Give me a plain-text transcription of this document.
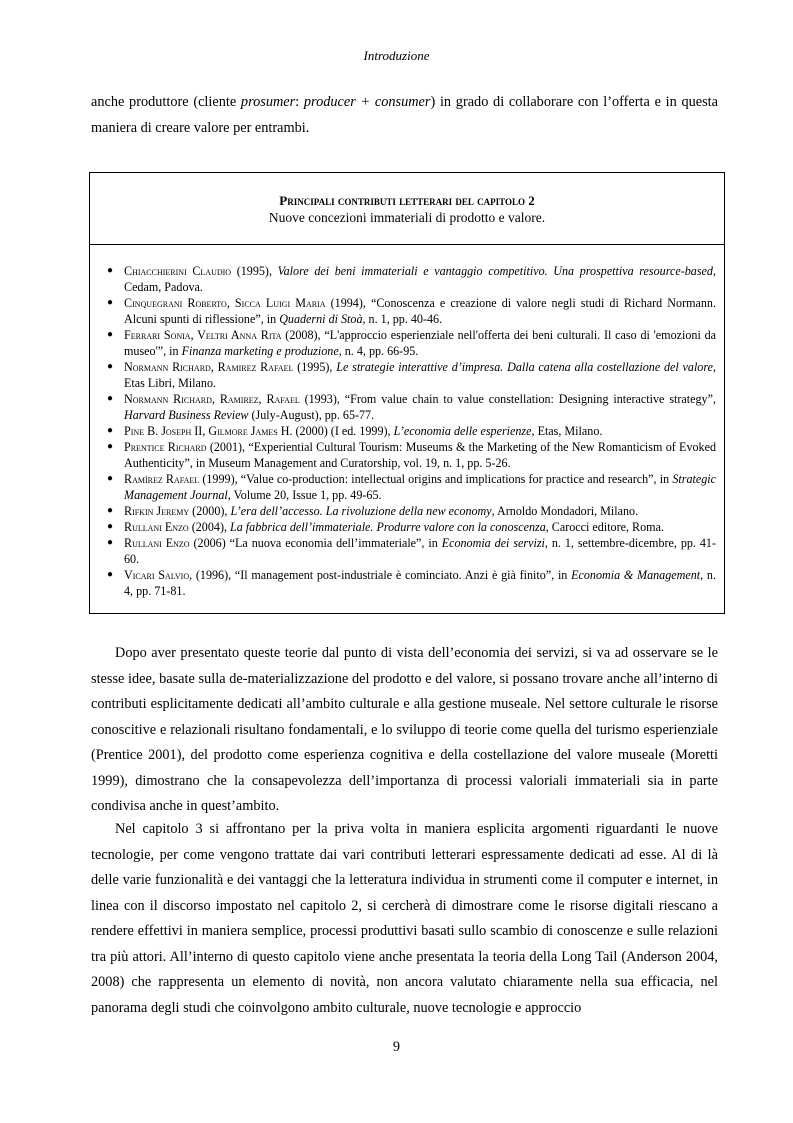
Introduzione

anche produttore (cliente prosumer: producer + consumer) in grado di collaborare con l’offerta e in questa maniera di creare valore per entrambi.

Principali contributi letterari del capitolo 2
Nuove concezioni immateriali di prodotto e valore.
● Chiacchierini Claudio (1995), Valore dei beni immateriali e vantaggio competitivo. Una prospettiva resource-based, Cedam, Padova.
● Cinquegrani Roberto, Sicca Luigi Maria (1994), “Conoscenza e creazione di valore negli studi di Richard Normann. Alcuni spunti di riflessione”, in Quaderni di Stoà, n. 1, pp. 40-46.
● Ferrari Sonia, Veltri Anna Rita (2008), “L'approccio esperienziale nell'offerta dei beni culturali. Il caso di 'emozioni da museo'”, in Finanza marketing e produzione, n. 4, pp. 66-95.
● Normann Richard, Ramirez Rafael (1995), Le strategie interattive d’impresa. Dalla catena alla costellazione del valore, Etas Libri, Milano.
● Normann Richard, Ramirez, Rafael (1993), “From value chain to value constellation: Designing interactive strategy”, Harvard Business Review (July-August), pp. 65-77.
● Pine B. Joseph II, Gilmore James H. (2000) (I ed. 1999), L’economia delle esperienze, Etas, Milano.
● Prentice Richard (2001), “Experiential Cultural Tourism: Museums & the Marketing of the New Romanticism of Evoked Authenticity”, in Museum Management and Curatorship, vol. 19, n. 1, pp. 5-26.
● Ramírez Rafael (1999), “Value co-production: intellectual origins and implications for practice and research”, in Strategic Management Journal, Volume 20, Issue 1, pp. 49-65.
● Rifkin Jeremy (2000), L’era dell’accesso. La rivoluzione della new economy, Arnoldo Mondadori, Milano.
● Rullani Enzo (2004), La fabbrica dell’immateriale. Produrre valore con la conoscenza, Carocci editore, Roma.
● Rullani Enzo (2006) “La nuova economia dell’immateriale”, in Economia dei servizi, n. 1, settembre-dicembre, pp. 41-60.
● Vicari Salvio, (1996), “Il management post-industriale è cominciato. Anzi è già finito”, in Economia & Management, n. 4, pp. 71-81.

Dopo aver presentato queste teorie dal punto di vista dell’economia dei servizi, si va ad osservare se le stesse idee, basate sulla de-materializzazione del prodotto e del valore, si possano trovare anche all’interno di contributi esplicitamente dedicati all’ambito culturale e alla gestione museale. Nel settore culturale le risorse conoscitive e relazionali risultano fondamentali, e lo sviluppo di teorie come quella del turismo esperienziale (Prentice 2001), del prodotto come esperienza cognitiva e della costellazione del valore museale (Moretti 1999), dimostrano che la consapevolezza dell’importanza di processi valoriali immateriali sia in parte condivisa anche in quest’ambito.

Nel capitolo 3 si affrontano per la priva volta in maniera esplicita argomenti riguardanti le nuove tecnologie, per come vengono trattate dai vari contributi letterari espressamente dedicati ad esse. Al di là delle varie funzionalità e dei vantaggi che la letteratura individua in strumenti come il computer e internet, in linea con il discorso impostato nel capitolo 2, si cercherà di dimostrare come le risorse digitali riescano a rendere effettivi in maniera semplice, processi produttivi basati sullo scambio di conoscenze e sulle relazioni tra più attori. All’interno di questo capitolo viene anche presentata la teoria della Long Tail (Anderson 2004, 2008) che rappresenta un elemento di novità, non ancora valutato chiaramente nella sua efficacia, nel panorama degli studi che coinvolgono ambito culturale, nuove tecnologie e approccio

9
